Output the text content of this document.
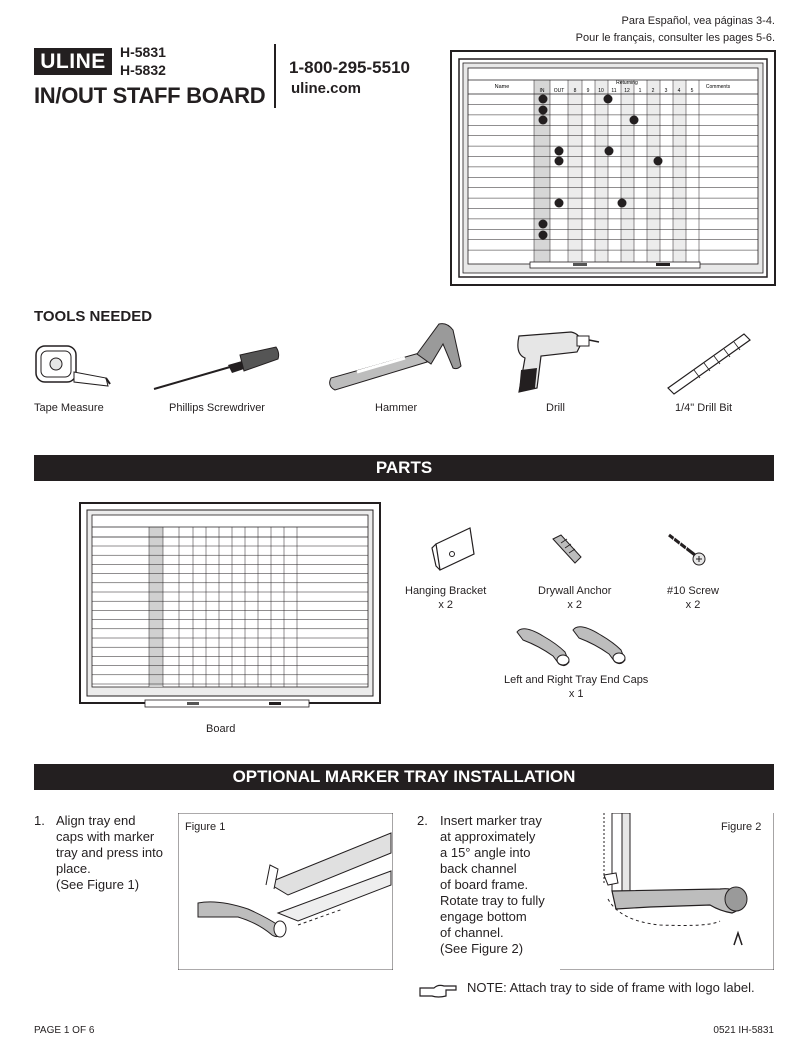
Para Español, vea páginas 3-4.
Pour le français, consulter les pages 5-6.
ULINE	H-5831
H-5832
IN/OUT STAFF BOARD
1-800-295-5510
uline.com	Name
IN OUT
Returning
Comments
8 9 10 11 12 1 2 3 4 5
TOOLS NEEDED
Tape Measure	Phillips Screwdriver	Hammer	Drill	1/4" Drill Bit
PARTS
Board
Hanging Bracket
x 2
Drywall Anchor
x 2
#10 Screw
x 2
Left and Right Tray End Caps
x 1
OPTIONAL MARKER TRAY INSTALLATION
1. Align tray end
caps with marker
tray and press into
place.
(See Figure 1)
Figure 1	2. Insert marker tray
at approximately
a 15° angle into
back channel
of board frame.
Rotate tray to fully
engage bottom
of channel.
(See Figure 2)
Figure 2
NOTE: Attach tray to side of frame with logo label.
PAGE 1 OF 6	0521 IH-5831
